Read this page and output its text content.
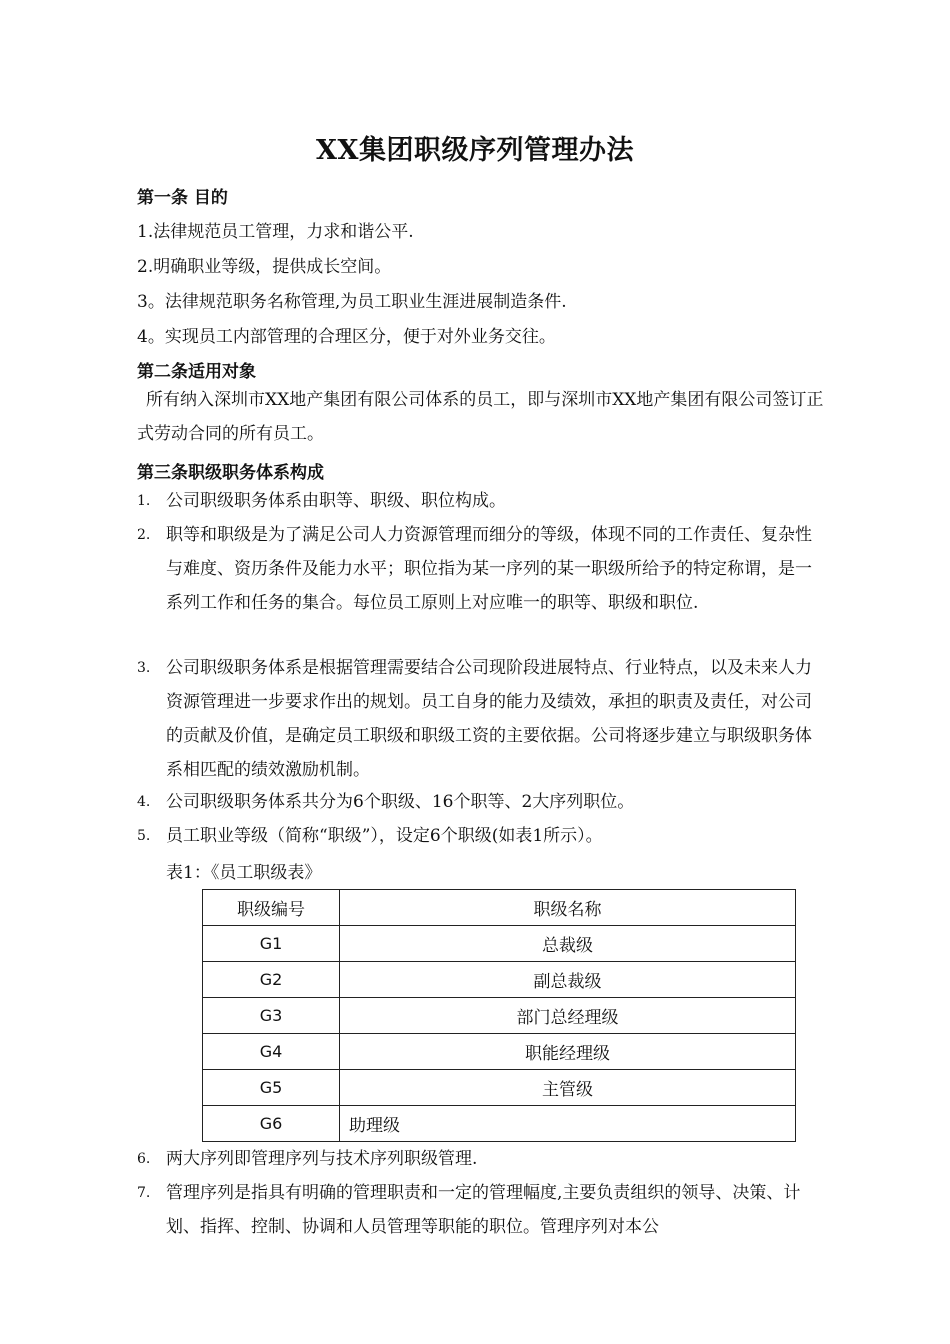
XX集团职级序列管理办法
第一条 目的
1.法律规范员工管理，力求和谐公平.
2.明确职业等级，提供成长空间。
3。法律规范职务名称管理,为员工职业生涯进展制造条件.
4。实现员工内部管理的合理区分，便于对外业务交往。
第二条适用对象
所有纳入深圳市XX地产集团有限公司体系的员工，即与深圳市XX地产集团有限公司签订正式劳动合同的所有员工。
第三条职级职务体系构成
1. 公司职级职务体系由职等、职级、职位构成。
2. 职等和职级是为了满足公司人力资源管理而细分的等级，体现不同的工作责任、复杂性与难度、资历条件及能力水平；职位指为某一序列的某一职级所给予的特定称谓，是一系列工作和任务的集合。每位员工原则上对应唯一的职等、职级和职位.
3. 公司职级职务体系是根据管理需要结合公司现阶段进展特点、行业特点，以及未来人力资源管理进一步要求作出的规划。员工自身的能力及绩效，承担的职责及责任，对公司的贡献及价值，是确定员工职级和职级工资的主要依据。公司将逐步建立与职级职务体系相匹配的绩效激励机制。
4. 公司职级职务体系共分为6个职级、16个职等、2大序列职位。
5. 员工职业等级（简称“职级”），设定6个职级(如表1所示）。
表1：《员工职级表》
职级编号	职级名称
G1	总裁级
G2	副总裁级
G3	部门总经理级
G4	职能经理级
G5	主管级
G6	助理级
6. 两大序列即管理序列与技术序列职级管理.
7. 管理序列是指具有明确的管理职责和一定的管理幅度,主要负责组织的领导、决策、计划、指挥、控制、协调和人员管理等职能的职位。管理序列对本公
